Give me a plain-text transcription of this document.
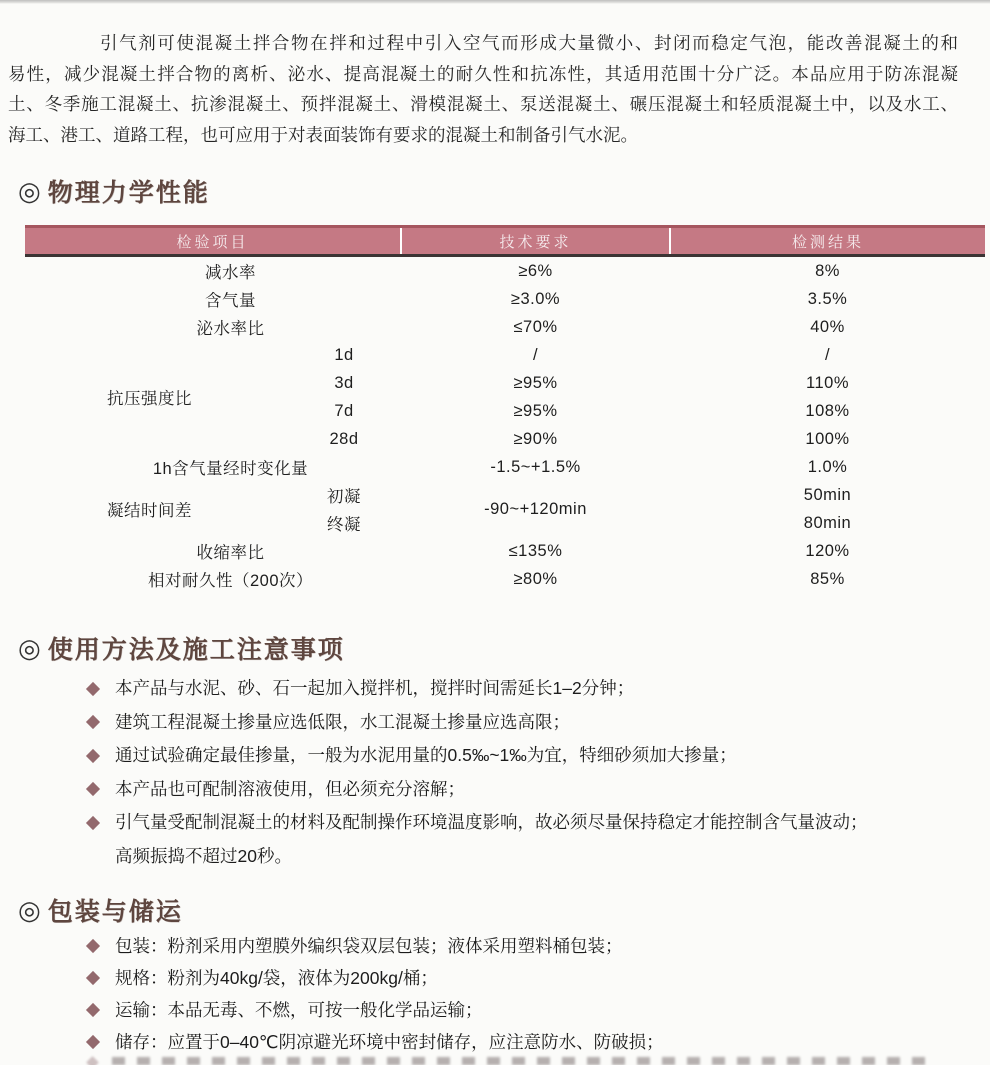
引气剂可使混凝土拌合物在拌和过程中引入空气而形成大量微小、封闭而稳定气泡，能改善混凝土的和
易性，减少混凝土拌合物的离析、泌水、提高混凝土的耐久性和抗冻性，其适用范围十分广泛。本品应用于防冻混凝
土、冬季施工混凝土、抗渗混凝土、预拌混凝土、滑模混凝土、泵送混凝土、碾压混凝土和轻质混凝土中，以及水工、
海工、港工、道路工程，也可应用于对表面装饰有要求的混凝土和制备引气水泥。
◎ 物理力学性能
检验项目		技术要求	检测结果
减水率		≥6%	8%
含气量		≥3.0%	3.5%
泌水率比		≤70%	40%
抗压强度比	1d	/	/
	3d	≥95%	110%
	7d	≥95%	108%
	28d	≥90%	100%
1h含气量经时变化量		-1.5~+1.5%	1.0%
凝结时间差	初凝	-90~+120min	50min
	终凝		80min
收缩率比		≤135%	120%
相对耐久性（200次）		≥80%	85%
◎ 使用方法及施工注意事项
本产品与水泥、砂、石一起加入搅拌机，搅拌时间需延长1–2分钟；
建筑工程混凝土掺量应选低限，水工混凝土掺量应选高限；
通过试验确定最佳掺量，一般为水泥用量的0.5‰~1‰为宜，特细砂须加大掺量；
本产品也可配制溶液使用，但必须充分溶解；
引气量受配制混凝土的材料及配制操作环境温度影响，故必须尽量保持稳定才能控制含气量波动；
高频振捣不超过20秒。
◎ 包装与储运
包装：粉剂采用内塑膜外编织袋双层包装；液体采用塑料桶包装；
规格：粉剂为40kg/袋，液体为200kg/桶；
运输：本品无毒、不燃，可按一般化学品运输；
储存：应置于0–40℃阴凉避光环境中密封储存，应注意防水、防破损；
